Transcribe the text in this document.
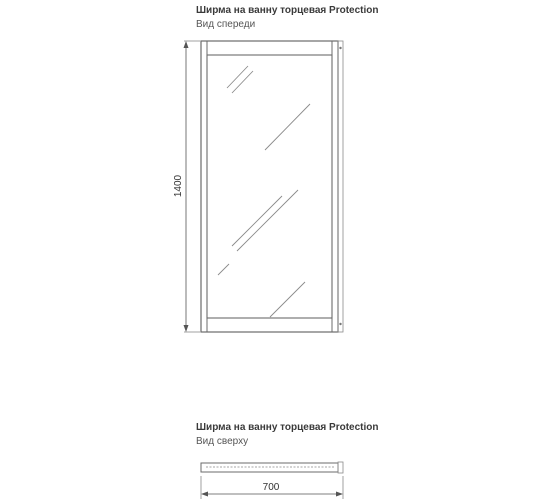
Ширма на ванну торцевая Protection
Вид спереди
Ширма на ванну торцевая Protection
Вид сверху
1400
700
